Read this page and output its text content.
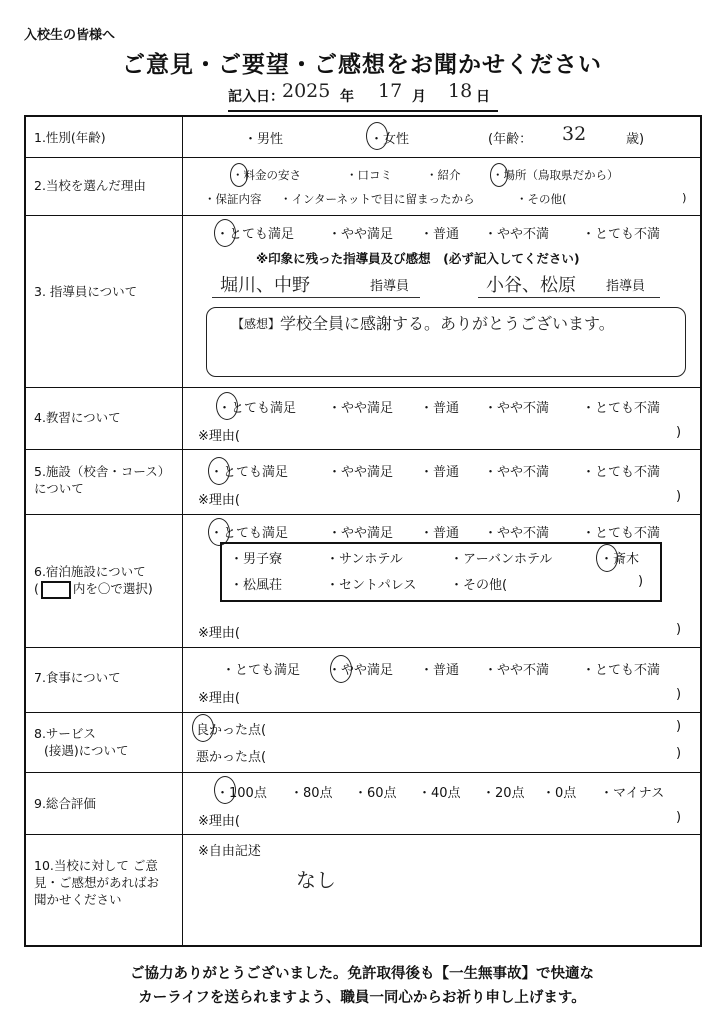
入校生の皆様へ
ご意見・ご要望・ご感想をお聞かせください
記入日：
2025 年 17 月 18 日
1.性別(年齢)	・男性	・女性	(年齢： 32	歳)
2.当校を選んだ理由
・料金の安さ	・口コミ	・紹介	・場所（鳥取県だから）
・保証内容 ・インターネットで目に留まったから	・その他(	)
3. 指導員について
・とても満足	・やや満足 ・普通 ・やや不満	・とても不満
※印象に残った指導員及び感想　(必ず記入してください)
堀川、中野	指導員	小谷、松原 指導員
【感想】 学校全員に感謝する。ありがとうございます。
4.教習について
・とても満足 ・やや満足 ・普通 ・やや不満	・とても不満
※理由(	)
5.施設（校舎・コース）について
・とても満足	・やや満足 ・普通 ・やや不満	・とても不満
※理由(	)
6.宿泊施設について
(	内を〇で選択)
・とても満足	・やや満足 ・普通 ・やや不満	・とても不満
・男子寮	・サンホテル	・アーバンホテル	・斎木
・松風荘	・セントパレス	・その他(	)
※理由(	)
7.食事について	・とても満足 ・やや満足 ・普通 ・やや不満	・とても不満
※理由(	)
8.サービス
(接遇)について
良かった点(	)
悪かった点(	)
9.総合評価
・100点 ・80点 ・60点 ・40点 ・20点 ・0点 ・マイナス
※理由(	)
10.当校に対して ご意見・ご感想があればお聞かせください
※自由記述
なし
ご協力ありがとうございました。免許取得後も【一生無事故】で快適な
カーライフを送られますよう、職員一同心からお祈り申し上げます。
